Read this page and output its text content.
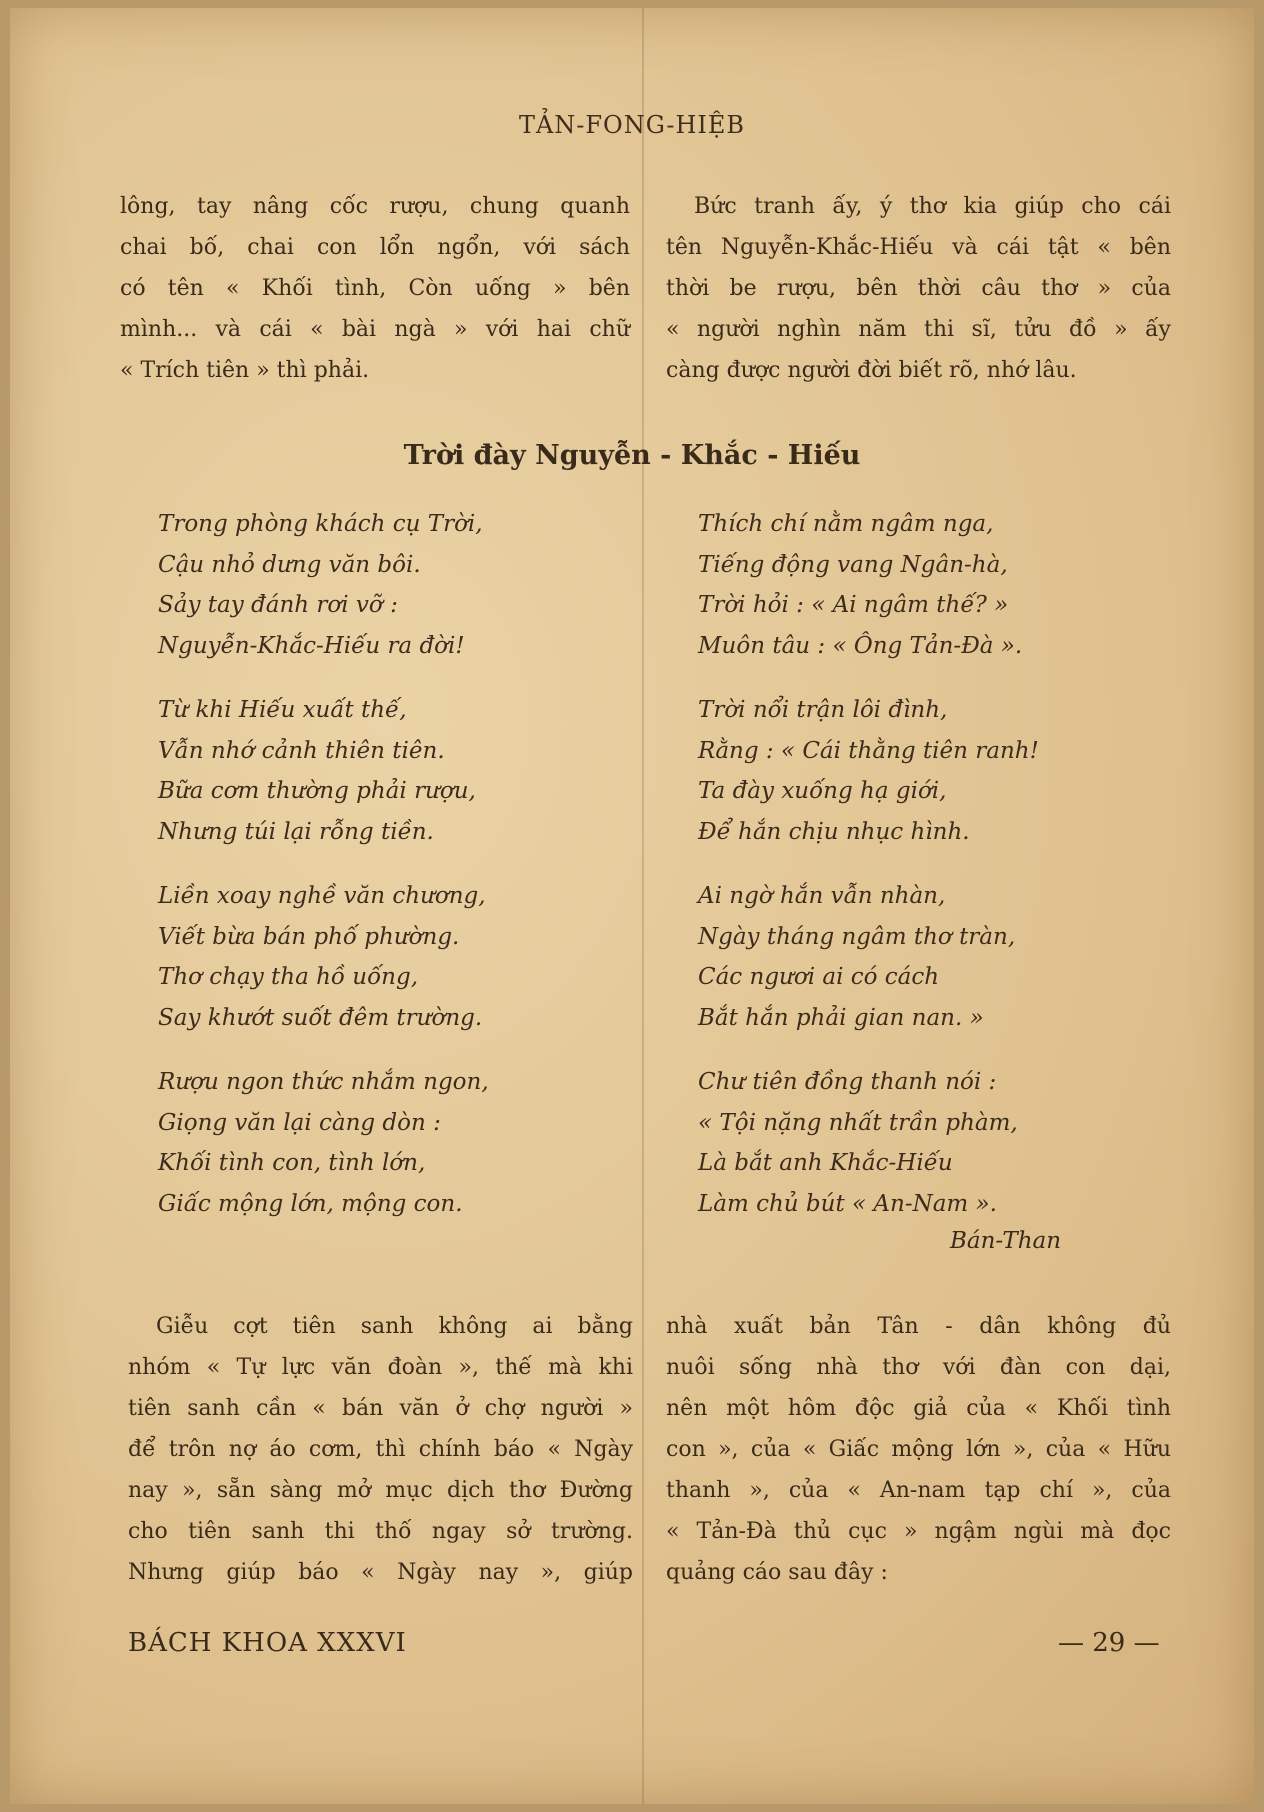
TẢN-FONG-HIỆB

lông, tay nâng cốc rượu, chung quanh

chai bố, chai con lổn ngổn, với sách

có tên « Khối tình, Còn uống » bên

mình... và cái « bài ngà » với hai chữ

« Trích tiên » thì phải.

Bức tranh ấy, ý thơ kia giúp cho cái

tên Nguyễn-Khắc-Hiếu và cái tật « bên

thời be rượu, bên thời câu thơ » của

« người nghìn năm thi sĩ, tửu đồ » ấy

càng được người đời biết rõ, nhớ lâu.

Trời đày Nguyễn - Khắc - Hiếu
Trong phòng khách cụ Trời,
Cậu nhỏ dưng văn bôi.
Sảy tay đánh rơi vỡ :
Nguyễn-Khắc-Hiếu ra đời!
Từ khi Hiếu xuất thế,
Vẫn nhớ cảnh thiên tiên.
Bữa cơm thường phải rượu,
Nhưng túi lại rỗng tiền.
Liền xoay nghề văn chương,
Viết bừa bán phố phường.
Thơ chạy tha hồ uống,
Say khướt suốt đêm trường.
Rượu ngon thức nhắm ngon,
Giọng văn lại càng dòn :
Khối tình con, tình lớn,
Giấc mộng lớn, mộng con.
Thích chí nằm ngâm nga,
Tiếng động vang Ngân-hà,
Trời hỏi : « Ai ngâm thế? »
Muôn tâu : « Ông Tản-Đà ».
Trời nổi trận lôi đình,
Rằng : « Cái thằng tiên ranh!
Ta đày xuống hạ giới,
Để hắn chịu nhục hình.
Ai ngờ hắn vẫn nhàn,
Ngày tháng ngâm thơ tràn,
Các ngươi ai có cách
Bắt hắn phải gian nan. »
Chư tiên đồng thanh nói :
« Tội nặng nhất trần phàm,
Là bắt anh Khắc-Hiếu
Làm chủ bút « An-Nam ».
Bán-Than

Giễu cợt tiên sanh không ai bằng

nhóm « Tự lực văn đoàn », thế mà khi

tiên sanh cần « bán văn ở chợ người »

để trôn nợ áo cơm, thì chính báo « Ngày

nay », sẵn sàng mở mục dịch thơ Đường

cho tiên sanh thi thố ngay sở trường.

Nhưng giúp báo « Ngày nay », giúp

nhà xuất bản Tân - dân không đủ

nuôi sống nhà thơ với đàn con dại,

nên một hôm độc giả của « Khối tình

con », của « Giấc mộng lớn », của « Hữu

thanh », của « An-nam tạp chí », của

« Tản-Đà thủ cục » ngậm ngùi mà đọc

quảng cáo sau đây :

BÁCH KHOA XXXVI	— 29 —
